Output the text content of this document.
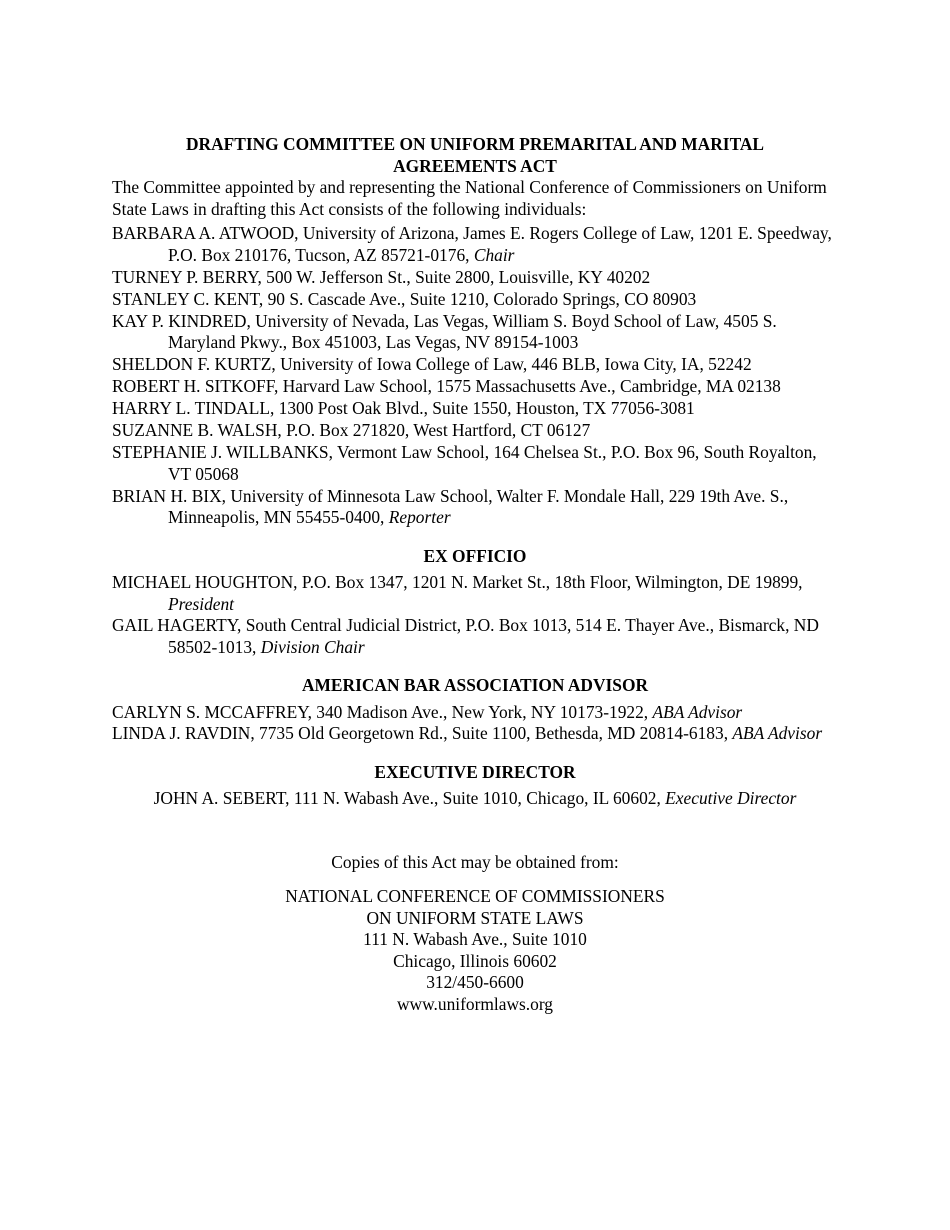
DRAFTING COMMITTEE ON UNIFORM PREMARITAL AND MARITAL
AGREEMENTS ACT

The Committee appointed by and representing the National Conference of Commissioners on Uniform State Laws in drafting this Act consists of the following individuals:

BARBARA A. ATWOOD, University of Arizona, James E. Rogers College of Law, 1201 E. Speedway, P.O. Box 210176, Tucson, AZ 85721-0176, Chair

TURNEY P. BERRY, 500 W. Jefferson St., Suite 2800, Louisville, KY 40202

STANLEY C. KENT, 90 S. Cascade Ave., Suite 1210, Colorado Springs, CO 80903

KAY P. KINDRED, University of Nevada, Las Vegas, William S. Boyd School of Law, 4505 S. Maryland Pkwy., Box 451003, Las Vegas, NV 89154-1003

SHELDON F. KURTZ, University of Iowa College of Law, 446 BLB, Iowa City, IA, 52242

ROBERT H. SITKOFF, Harvard Law School, 1575 Massachusetts Ave., Cambridge, MA 02138

HARRY L. TINDALL, 1300 Post Oak Blvd., Suite 1550, Houston, TX 77056-3081

SUZANNE B. WALSH, P.O. Box 271820, West Hartford, CT 06127

STEPHANIE J. WILLBANKS, Vermont Law School, 164 Chelsea St., P.O. Box 96, South Royalton, VT 05068

BRIAN H. BIX, University of Minnesota Law School, Walter F. Mondale Hall, 229 19th Ave. S., Minneapolis, MN 55455-0400, Reporter

EX OFFICIO

MICHAEL HOUGHTON, P.O. Box 1347, 1201 N. Market St., 18th Floor, Wilmington, DE 19899, President

GAIL HAGERTY, South Central Judicial District, P.O. Box 1013, 514 E. Thayer Ave., Bismarck, ND 58502-1013, Division Chair

AMERICAN BAR ASSOCIATION ADVISOR

CARLYN S. MCCAFFREY, 340 Madison Ave., New York, NY 10173-1922, ABA Advisor

LINDA J. RAVDIN, 7735 Old Georgetown Rd., Suite 1100, Bethesda, MD 20814-6183, ABA Advisor

EXECUTIVE DIRECTOR

JOHN A. SEBERT, 111 N. Wabash Ave., Suite 1010, Chicago, IL 60602, Executive Director

Copies of this Act may be obtained from:
NATIONAL CONFERENCE OF COMMISSIONERS
ON UNIFORM STATE LAWS
111 N. Wabash Ave., Suite 1010
Chicago, Illinois 60602
312/450-6600
www.uniformlaws.org
